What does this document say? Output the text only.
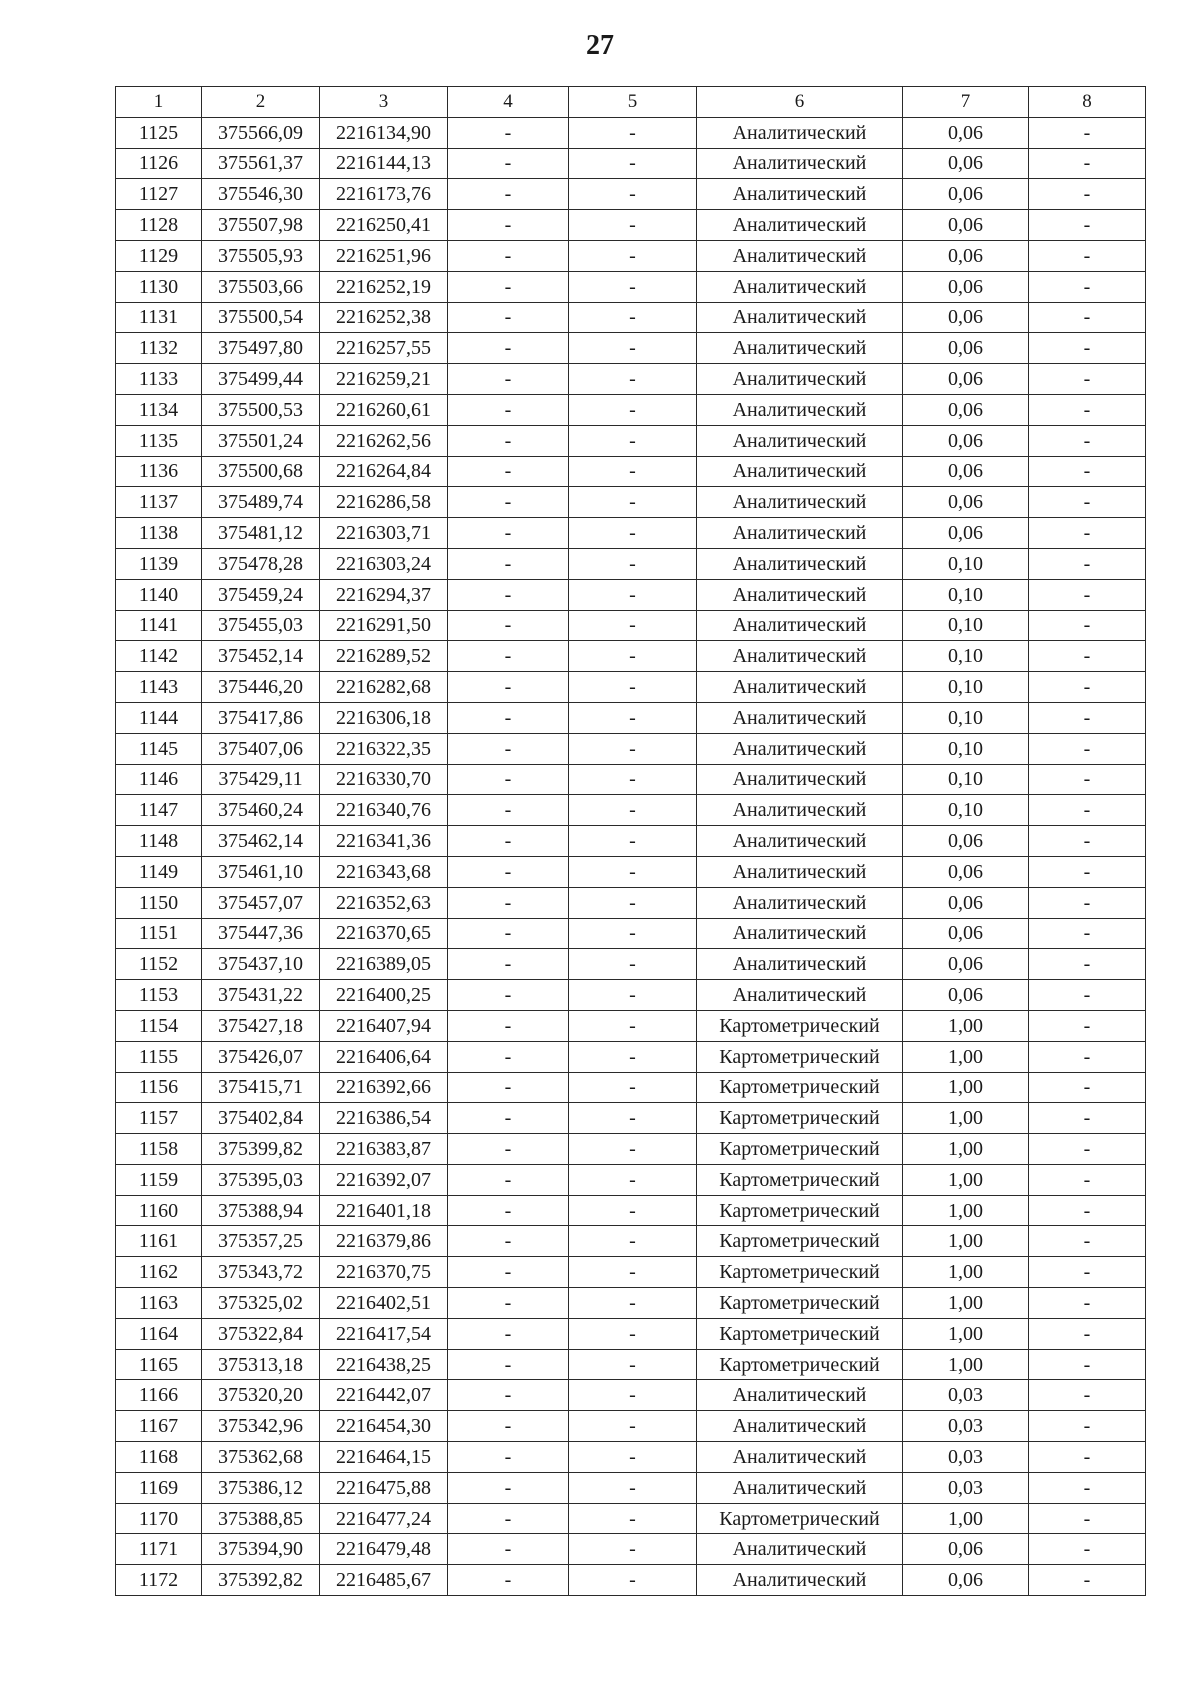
27
1	2	3	4	5	6	7	8
1125	375566,09	2216134,90	-	-	Аналитический	0,06	-
1126	375561,37	2216144,13	-	-	Аналитический	0,06	-
1127	375546,30	2216173,76	-	-	Аналитический	0,06	-
1128	375507,98	2216250,41	-	-	Аналитический	0,06	-
1129	375505,93	2216251,96	-	-	Аналитический	0,06	-
1130	375503,66	2216252,19	-	-	Аналитический	0,06	-
1131	375500,54	2216252,38	-	-	Аналитический	0,06	-
1132	375497,80	2216257,55	-	-	Аналитический	0,06	-
1133	375499,44	2216259,21	-	-	Аналитический	0,06	-
1134	375500,53	2216260,61	-	-	Аналитический	0,06	-
1135	375501,24	2216262,56	-	-	Аналитический	0,06	-
1136	375500,68	2216264,84	-	-	Аналитический	0,06	-
1137	375489,74	2216286,58	-	-	Аналитический	0,06	-
1138	375481,12	2216303,71	-	-	Аналитический	0,06	-
1139	375478,28	2216303,24	-	-	Аналитический	0,10	-
1140	375459,24	2216294,37	-	-	Аналитический	0,10	-
1141	375455,03	2216291,50	-	-	Аналитический	0,10	-
1142	375452,14	2216289,52	-	-	Аналитический	0,10	-
1143	375446,20	2216282,68	-	-	Аналитический	0,10	-
1144	375417,86	2216306,18	-	-	Аналитический	0,10	-
1145	375407,06	2216322,35	-	-	Аналитический	0,10	-
1146	375429,11	2216330,70	-	-	Аналитический	0,10	-
1147	375460,24	2216340,76	-	-	Аналитический	0,10	-
1148	375462,14	2216341,36	-	-	Аналитический	0,06	-
1149	375461,10	2216343,68	-	-	Аналитический	0,06	-
1150	375457,07	2216352,63	-	-	Аналитический	0,06	-
1151	375447,36	2216370,65	-	-	Аналитический	0,06	-
1152	375437,10	2216389,05	-	-	Аналитический	0,06	-
1153	375431,22	2216400,25	-	-	Аналитический	0,06	-
1154	375427,18	2216407,94	-	-	Картометрический	1,00	-
1155	375426,07	2216406,64	-	-	Картометрический	1,00	-
1156	375415,71	2216392,66	-	-	Картометрический	1,00	-
1157	375402,84	2216386,54	-	-	Картометрический	1,00	-
1158	375399,82	2216383,87	-	-	Картометрический	1,00	-
1159	375395,03	2216392,07	-	-	Картометрический	1,00	-
1160	375388,94	2216401,18	-	-	Картометрический	1,00	-
1161	375357,25	2216379,86	-	-	Картометрический	1,00	-
1162	375343,72	2216370,75	-	-	Картометрический	1,00	-
1163	375325,02	2216402,51	-	-	Картометрический	1,00	-
1164	375322,84	2216417,54	-	-	Картометрический	1,00	-
1165	375313,18	2216438,25	-	-	Картометрический	1,00	-
1166	375320,20	2216442,07	-	-	Аналитический	0,03	-
1167	375342,96	2216454,30	-	-	Аналитический	0,03	-
1168	375362,68	2216464,15	-	-	Аналитический	0,03	-
1169	375386,12	2216475,88	-	-	Аналитический	0,03	-
1170	375388,85	2216477,24	-	-	Картометрический	1,00	-
1171	375394,90	2216479,48	-	-	Аналитический	0,06	-
1172	375392,82	2216485,67	-	-	Аналитический	0,06	-
